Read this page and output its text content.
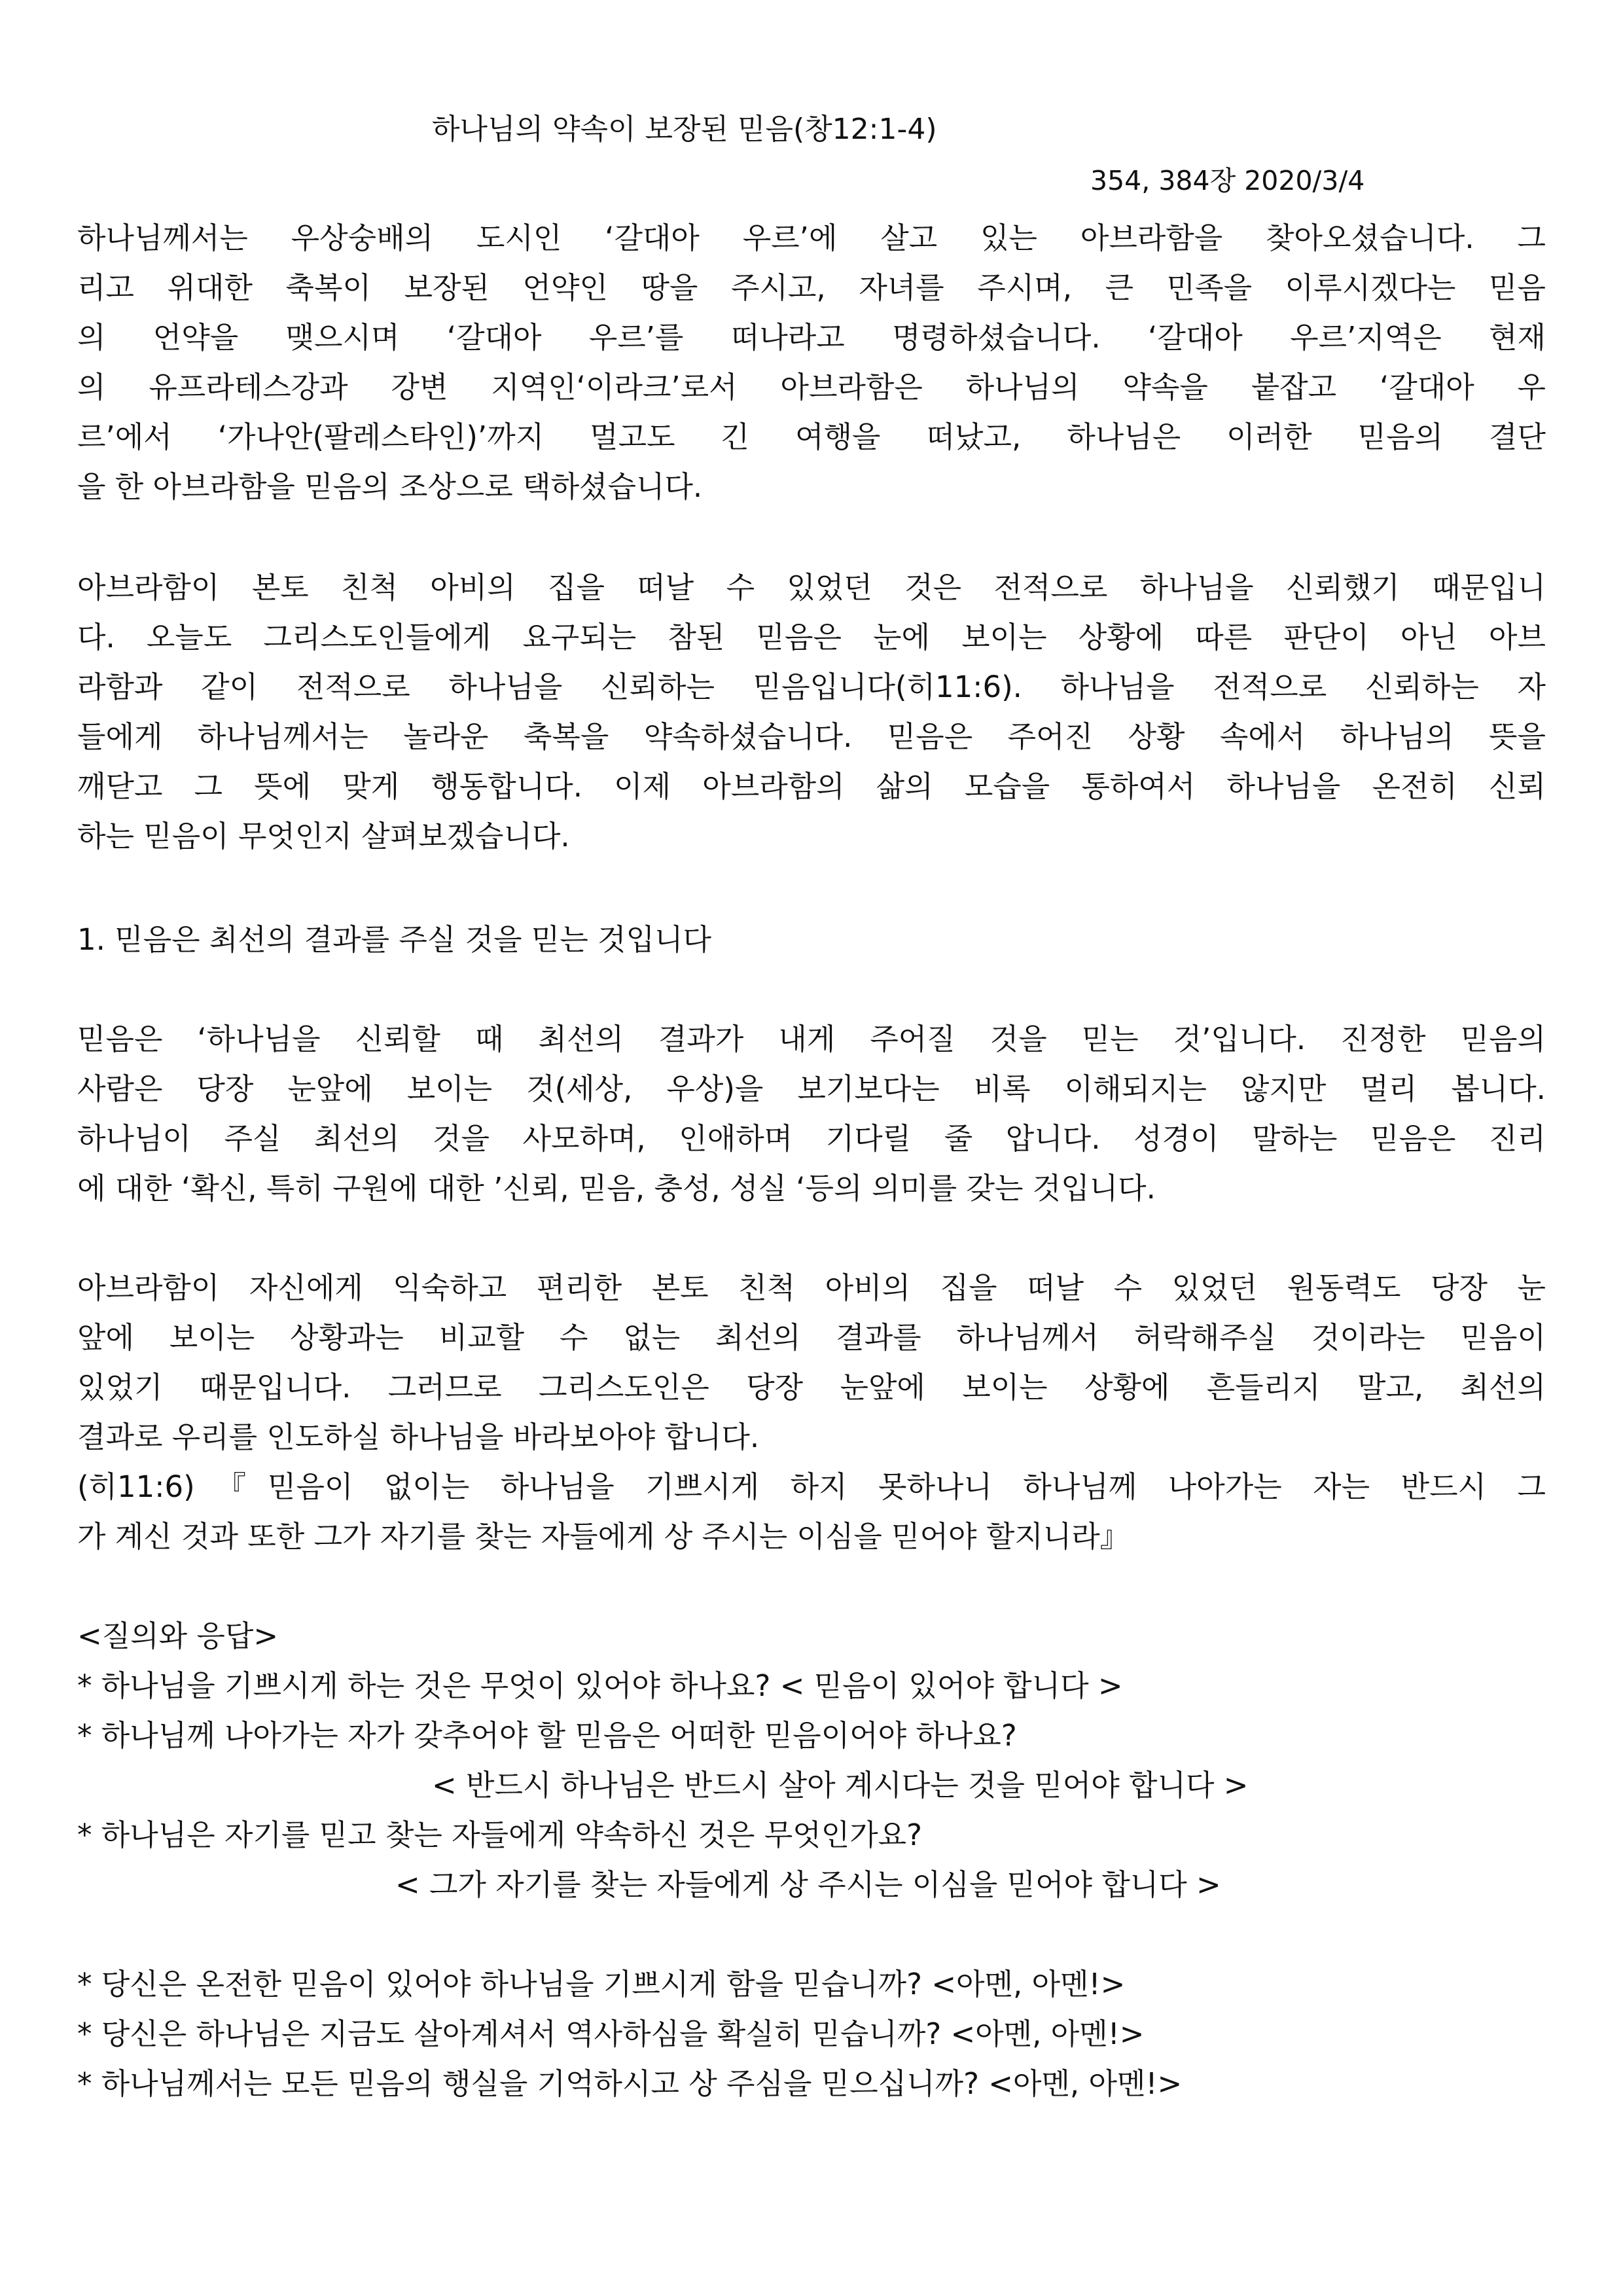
하나님의 약속이 보장된 믿음(창12:1-4)
354, 384장 2020/3/4
하나님께서는 우상숭배의 도시인 ‘갈대아 우르’에 살고 있는 아브라함을 찾아오셨습니다. 그
리고 위대한 축복이 보장된 언약인 땅을 주시고, 자녀를 주시며, 큰 민족을 이루시겠다는 믿음
의 언약을 맺으시며 ‘갈대아 우르’를 떠나라고 명령하셨습니다. ‘갈대아 우르’지역은 현재
의 유프라테스강과 강변 지역인‘이라크’로서 아브라함은 하나님의 약속을 붙잡고 ‘갈대아 우
르’에서 ‘가나안(팔레스타인)’까지 멀고도 긴 여행을 떠났고, 하나님은 이러한 믿음의 결단
을 한 아브라함을 믿음의 조상으로 택하셨습니다.
아브라함이 본토 친척 아비의 집을 떠날 수 있었던 것은 전적으로 하나님을 신뢰했기 때문입니
다. 오늘도 그리스도인들에게 요구되는 참된 믿음은 눈에 보이는 상황에 따른 판단이 아닌 아브
라함과 같이 전적으로 하나님을 신뢰하는 믿음입니다(히11:6). 하나님을 전적으로 신뢰하는 자
들에게 하나님께서는 놀라운 축복을 약속하셨습니다. 믿음은 주어진 상황 속에서 하나님의 뜻을
깨닫고 그 뜻에 맞게 행동합니다. 이제 아브라함의 삶의 모습을 통하여서 하나님을 온전히 신뢰
하는 믿음이 무엇인지 살펴보겠습니다.
1. 믿음은 최선의 결과를 주실 것을 믿는 것입니다
믿음은 ‘하나님을 신뢰할 때 최선의 결과가 내게 주어질 것을 믿는 것’입니다. 진정한 믿음의
사람은 당장 눈앞에 보이는 것(세상, 우상)을 보기보다는 비록 이해되지는 않지만 멀리 봅니다.
하나님이 주실 최선의 것을 사모하며, 인애하며 기다릴 줄 압니다. 성경이 말하는 믿음은 진리
에 대한 ‘확신, 특히 구원에 대한 ’신뢰, 믿음, 충성, 성실 ‘등의 의미를 갖는 것입니다.
아브라함이 자신에게 익숙하고 편리한 본토 친척 아비의 집을 떠날 수 있었던 원동력도 당장 눈
앞에 보이는 상황과는 비교할 수 없는 최선의 결과를 하나님께서 허락해주실 것이라는 믿음이
있었기 때문입니다. 그러므로 그리스도인은 당장 눈앞에 보이는 상황에 흔들리지 말고, 최선의
결과로 우리를 인도하실 하나님을 바라보아야 합니다.
(히11:6)『믿음이 없이는 하나님을 기쁘시게 하지 못하나니 하나님께 나아가는 자는 반드시 그
가 계신 것과 또한 그가 자기를 찾는 자들에게 상 주시는 이심을 믿어야 할지니라』
<질의와 응답>
* 하나님을 기쁘시게 하는 것은 무엇이 있어야 하나요? < 믿음이 있어야 합니다 >
* 하나님께 나아가는 자가 갖추어야 할 믿음은 어떠한 믿음이어야 하나요?
< 반드시 하나님은 반드시 살아 계시다는 것을 믿어야 합니다 >
* 하나님은 자기를 믿고 찾는 자들에게 약속하신 것은 무엇인가요?
< 그가 자기를 찾는 자들에게 상 주시는 이심을 믿어야 합니다 >
* 당신은 온전한 믿음이 있어야 하나님을 기쁘시게 함을 믿습니까? <아멘, 아멘!>
* 당신은 하나님은 지금도 살아계셔서 역사하심을 확실히 믿습니까? <아멘, 아멘!>
* 하나님께서는 모든 믿음의 행실을 기억하시고 상 주심을 믿으십니까? <아멘, 아멘!>
